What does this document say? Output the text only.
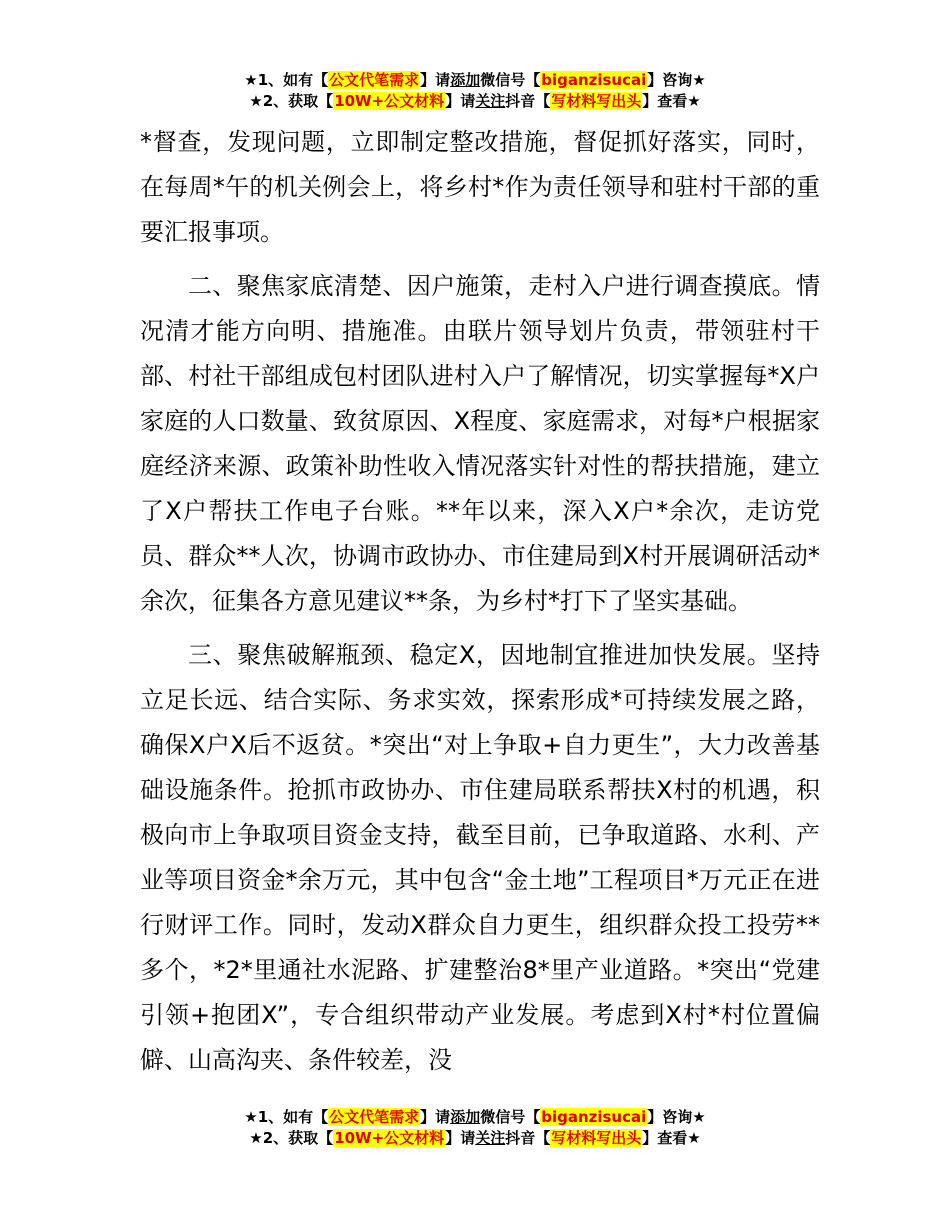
★1、如有【公文代笔需求】请添加微信号【biganzisucai】咨询★
★2、获取【10W+公文材料】请关注抖音【写材料写出头】查看★

*督查，发现问题，立即制定整改措施，督促抓好落实，同时，在每周*午的机关例会上，将乡村*作为责任领导和驻村干部的重要汇报事项。

二、聚焦家底清楚、因户施策，走村入户进行调查摸底。情况清才能方向明、措施准。由联片领导划片负责，带领驻村干部、村社干部组成包村团队进村入户了解情况，切实掌握每*X户家庭的人口数量、致贫原因、X程度、家庭需求，对每*户根据家庭经济来源、政策补助性收入情况落实针对性的帮扶措施，建立了X户帮扶工作电子台账。**年以来，深入X户*余次，走访党员、群众**人次，协调市政协办、市住建局到X村开展调研活动*余次，征集各方意见建议**条，为乡村*打下了坚实基础。

三、聚焦破解瓶颈、稳定X，因地制宜推进加快发展。坚持立足长远、结合实际、务求实效，探索形成*可持续发展之路，确保X户X后不返贫。*突出“对上争取+自力更生”，大力改善基础设施条件。抢抓市政协办、市住建局联系帮扶X村的机遇，积极向市上争取项目资金支持，截至目前，已争取道路、水利、产业等项目资金*余万元，其中包含“金土地”工程项目*万元正在进行财评工作。同时，发动X群众自力更生，组织群众投工投劳**多个，*2*里通社水泥路、扩建整治8*里产业道路。*突出“党建引领+抱团X”，专合组织带动产业发展。考虑到X村*村位置偏僻、山高沟夹、条件较差，没

★1、如有【公文代笔需求】请添加微信号【biganzisucai】咨询★
★2、获取【10W+公文材料】请关注抖音【写材料写出头】查看★
